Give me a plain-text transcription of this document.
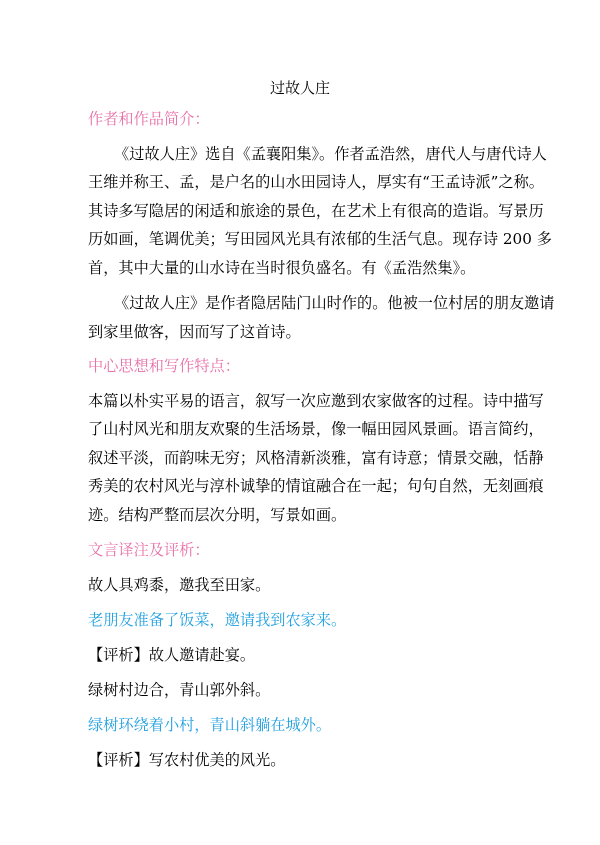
过故人庄
作者和作品简介：
《过故人庄》选自《孟襄阳集》。作者孟浩然，唐代人与唐代诗人
王维并称王、孟，是户名的山水田园诗人，厚实有“王孟诗派”之称。
其诗多写隐居的闲适和旅途的景色，在艺术上有很高的造诣。写景历
历如画，笔调优美；写田园风光具有浓郁的生活气息。现存诗 200 多
首，其中大量的山水诗在当时很负盛名。有《孟浩然集》。
《过故人庄》是作者隐居陆门山时作的。他被一位村居的朋友邀请
到家里做客，因而写了这首诗。
中心思想和写作特点：
本篇以朴实平易的语言，叙写一次应邀到农家做客的过程。诗中描写
了山村风光和朋友欢聚的生活场景，像一幅田园风景画。语言简约，
叙述平淡，而韵味无穷；风格清新淡雅，富有诗意；情景交融，恬静
秀美的农村风光与淳朴诚挚的情谊融合在一起；句句自然，无刻画痕
迹。结构严整而层次分明，写景如画。
文言译注及评析：
故人具鸡黍，邀我至田家。
老朋友准备了饭菜，邀请我到农家来。
【评析】故人邀请赴宴。
绿树村边合，青山郭外斜。
绿树环绕着小村，青山斜躺在城外。
【评析】写农村优美的风光。
